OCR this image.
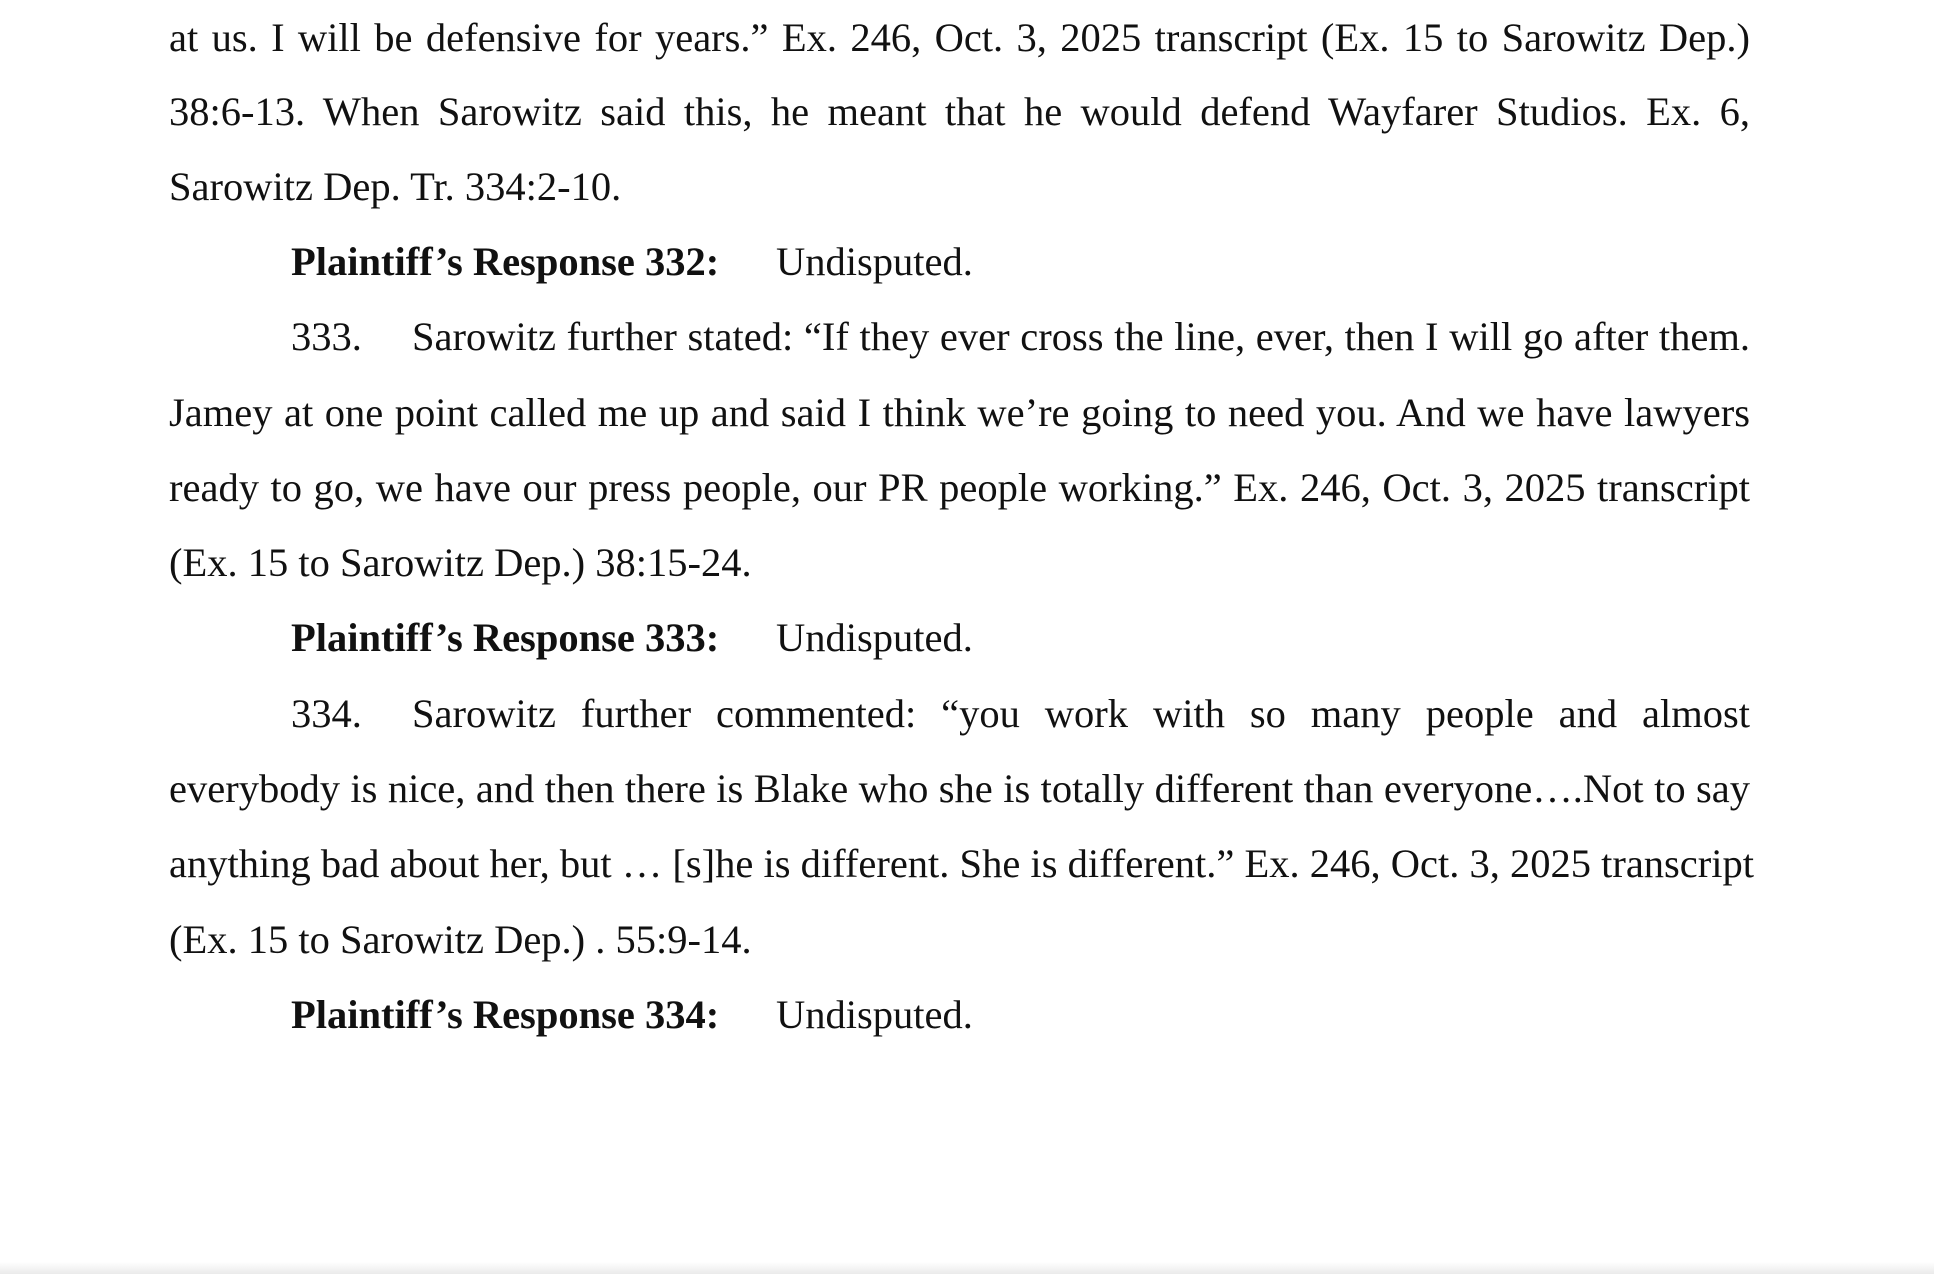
at us. I will be defensive for years.” Ex. 246, Oct. 3, 2025 transcript (Ex. 15 to Sarowitz Dep.)
38:6-13. When Sarowitz said this, he meant that he would defend Wayfarer Studios. Ex. 6,
Sarowitz Dep. Tr. 334:2-10.
Plaintiff’s Response 332: Undisputed.
333. Sarowitz further stated: “If they ever cross the line, ever, then I will go after them.
Jamey at one point called me up and said I think we’re going to need you. And we have lawyers
ready to go, we have our press people, our PR people working.” Ex. 246, Oct. 3, 2025 transcript
(Ex. 15 to Sarowitz Dep.) 38:15-24.
Plaintiff’s Response 333: Undisputed.
334. Sarowitz further commented: “you work with so many people and almost
everybody is nice, and then there is Blake who she is totally different than everyone….Not to say
anything bad about her, but … [s]he is different. She is different.” Ex. 246, Oct. 3, 2025 transcript
(Ex. 15 to Sarowitz Dep.) . 55:9-14.
Plaintiff’s Response 334: Undisputed.
